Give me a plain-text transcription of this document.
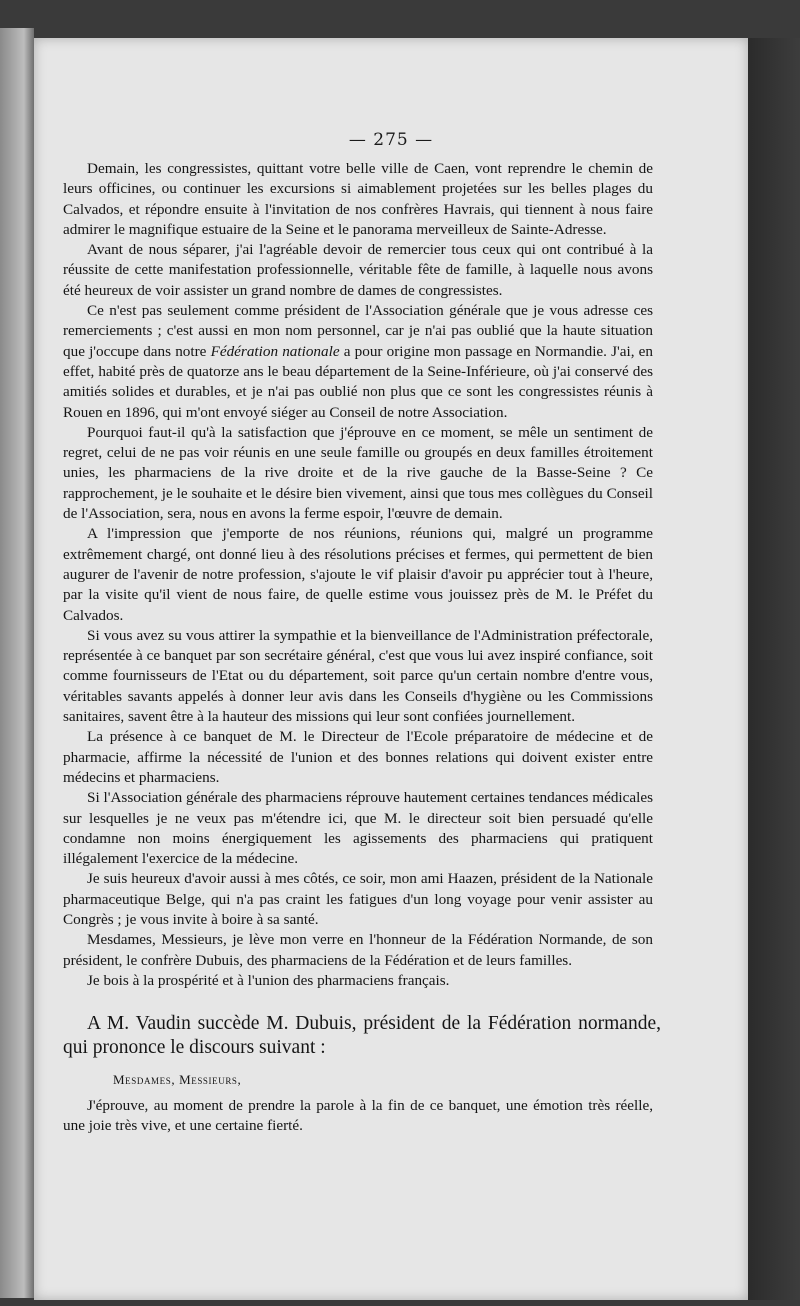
— 275 —

Demain, les congressistes, quittant votre belle ville de Caen, vont reprendre le chemin de leurs officines, ou continuer les excursions si aimablement projetées sur les belles plages du Calvados, et répondre ensuite à l'invitation de nos confrères Havrais, qui tiennent à nous faire admirer le magnifique estuaire de la Seine et le panorama merveilleux de Sainte-Adresse.

Avant de nous séparer, j'ai l'agréable devoir de remercier tous ceux qui ont contribué à la réussite de cette manifestation professionnelle, véritable fête de famille, à laquelle nous avons été heureux de voir assister un grand nombre de dames de congressistes.

Ce n'est pas seulement comme président de l'Association générale que je vous adresse ces remerciements ; c'est aussi en mon nom personnel, car je n'ai pas oublié que la haute situation que j'occupe dans notre Fédération nationale a pour origine mon passage en Normandie. J'ai, en effet, habité près de quatorze ans le beau département de la Seine-Inférieure, où j'ai conservé des amitiés solides et durables, et je n'ai pas oublié non plus que ce sont les congressistes réunis à Rouen en 1896, qui m'ont envoyé siéger au Conseil de notre Association.

Pourquoi faut-il qu'à la satisfaction que j'éprouve en ce moment, se mêle un sentiment de regret, celui de ne pas voir réunis en une seule famille ou groupés en deux familles étroitement unies, les pharmaciens de la rive droite et de la rive gauche de la Basse-Seine ? Ce rapprochement, je le souhaite et le désire bien vivement, ainsi que tous mes collègues du Conseil de l'Association, sera, nous en avons la ferme espoir, l'œuvre de demain.

A l'impression que j'emporte de nos réunions, réunions qui, malgré un programme extrêmement chargé, ont donné lieu à des résolutions précises et fermes, qui permettent de bien augurer de l'avenir de notre profession, s'ajoute le vif plaisir d'avoir pu apprécier tout à l'heure, par la visite qu'il vient de nous faire, de quelle estime vous jouissez près de M. le Préfet du Calvados.

Si vous avez su vous attirer la sympathie et la bienveillance de l'Administration préfectorale, représentée à ce banquet par son secrétaire général, c'est que vous lui avez inspiré confiance, soit comme fournisseurs de l'Etat ou du département, soit parce qu'un certain nombre d'entre vous, véritables savants appelés à donner leur avis dans les Conseils d'hygiène ou les Commissions sanitaires, savent être à la hauteur des missions qui leur sont confiées journellement.

La présence à ce banquet de M. le Directeur de l'Ecole préparatoire de médecine et de pharmacie, affirme la nécessité de l'union et des bonnes relations qui doivent exister entre médecins et pharmaciens.

Si l'Association générale des pharmaciens réprouve hautement certaines tendances médicales sur lesquelles je ne veux pas m'étendre ici, que M. le directeur soit bien persuadé qu'elle condamne non moins énergiquement les agissements des pharmaciens qui pratiquent illégalement l'exercice de la médecine.

Je suis heureux d'avoir aussi à mes côtés, ce soir, mon ami Haazen, président de la Nationale pharmaceutique Belge, qui n'a pas craint les fatigues d'un long voyage pour venir assister au Congrès ; je vous invite à boire à sa santé.

Mesdames, Messieurs, je lève mon verre en l'honneur de la Fédération Normande, de son président, le confrère Dubuis, des pharmaciens de la Fédération et de leurs familles.

Je bois à la prospérité et à l'union des pharmaciens français.

A M. Vaudin succède M. Dubuis, président de la Fédération normande, qui prononce le discours suivant :

Mesdames, Messieurs,

J'éprouve, au moment de prendre la parole à la fin de ce banquet, une émotion très réelle, une joie très vive, et une certaine fierté.
